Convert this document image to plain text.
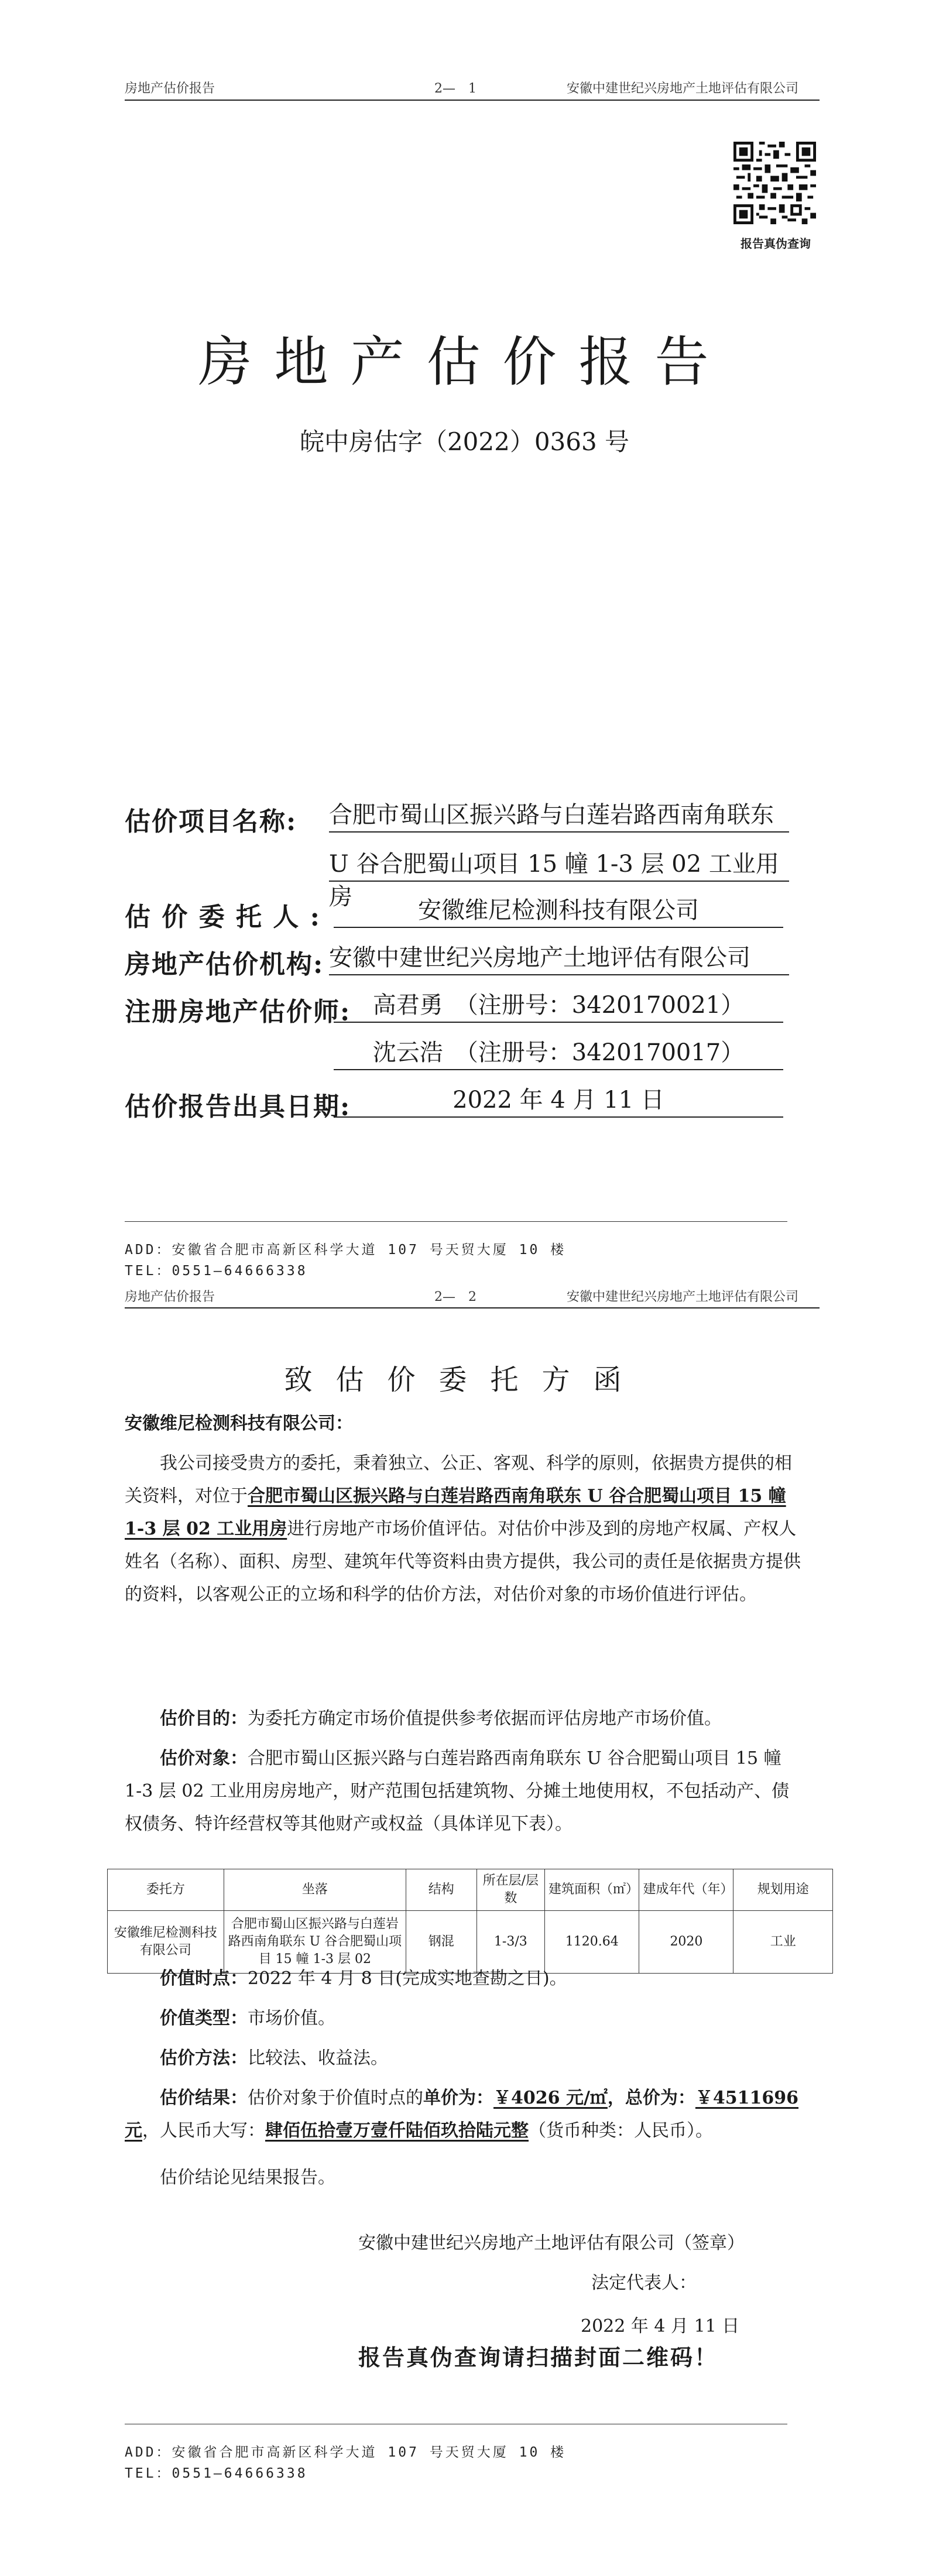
房地产估价报告	2—　1	安徽中建世纪兴房地产土地评估有限公司
报告真伪查询
房地产估价报告
皖中房估字（2022）0363 号
估价项目名称: 合肥市蜀山区振兴路与白莲岩路西南角联东
U 谷合肥蜀山项目 15 幢 1-3 层 02 工业用房
估 价 委 托 人 :	安徽维尼检测科技有限公司
房地产估价机构: 安徽中建世纪兴房地产土地评估有限公司
注册房地产估价师: 高君勇　（注册号：3420170021）
沈云浩　（注册号：3420170017）
估价报告出具日期:	2022 年 4 月 11 日
ADD：安徽省合肥市高新区科学大道 107 号天贸大厦 10 楼
TEL：0551—64666338
房地产估价报告	2—　2	安徽中建世纪兴房地产土地评估有限公司
致估价委托方函
安徽维尼检测科技有限公司：
我公司接受贵方的委托，秉着独立、公正、客观、科学的原则，依据贵方提供的相关资料，对位于合肥市蜀山区振兴路与白莲岩路西南角联东 U 谷合肥蜀山项目 15 幢 1-3 层 02 工业用房进行房地产市场价值评估。对估价中涉及到的房地产权属、产权人姓名（名称）、面积、房型、建筑年代等资料由贵方提供，我公司的责任是依据贵方提供的资料，以客观公正的立场和科学的估价方法，对估价对象的市场价值进行评估。
估价目的：为委托方确定市场价值提供参考依据而评估房地产市场价值。
估价对象：合肥市蜀山区振兴路与白莲岩路西南角联东 U 谷合肥蜀山项目 15 幢 1-3 层 02 工业用房房地产，财产范围包括建筑物、分摊土地使用权，不包括动产、债权债务、特许经营权等其他财产或权益（具体详见下表）。
委托方	坐落	结构	所在层/层数	建筑面积（㎡）	建成年代（年）	规划用途
安徽维尼检测科技有限公司	合肥市蜀山区振兴路与白莲岩路西南角联东 U 谷合肥蜀山项目 15 幢 1-3 层 02	钢混	1-3/3	1120.64	2020	工业
价值时点：2022 年 4 月 8 日(完成实地查勘之日)。
价值类型：市场价值。
估价方法：比较法、收益法。
估价结果：估价对象于价值时点的单价为：￥4026 元/㎡，总价为：￥4511696 元，人民币大写：肆佰伍拾壹万壹仟陆佰玖拾陆元整（货币种类：人民币）。
估价结论见结果报告。
安徽中建世纪兴房地产土地评估有限公司（签章）
法定代表人：
2022 年 4 月 11 日
报告真伪查询请扫描封面二维码！
ADD：安徽省合肥市高新区科学大道 107 号天贸大厦 10 楼
TEL：0551—64666338
